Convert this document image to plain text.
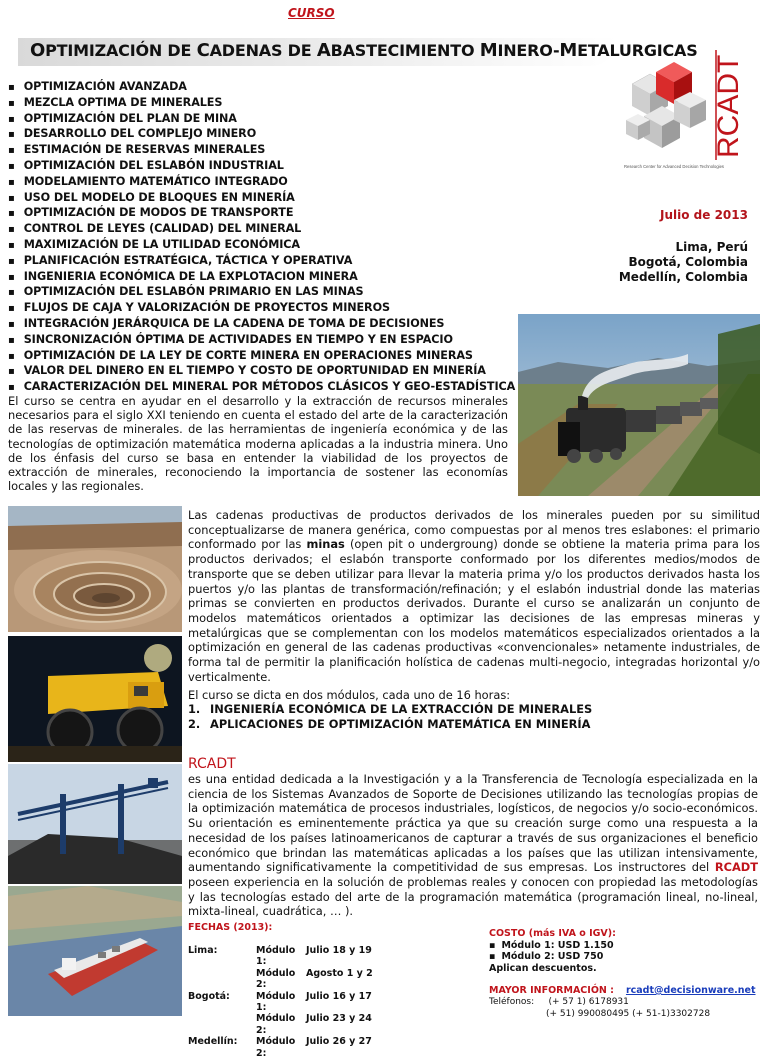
CURSO
OPTIMIZACIÓN DE CADENAS DE ABASTECIMIENTO MINERO-METALURGICAS
RCADT
Research Center for Advanced Decision Technologies
▪ OPTIMIZACIÓN AVANZADA
▪ MEZCLA OPTIMA DE MINERALES
▪ OPTIMIZACIÓN DEL PLAN DE MINA
▪ DESARROLLO DEL COMPLEJO MINERO
▪ ESTIMACIÓN DE RESERVAS MINERALES
▪ OPTIMIZACIÓN DEL ESLABÓN INDUSTRIAL
▪ MODELAMIENTO MATEMÁTICO INTEGRADO
▪ USO DEL MODELO DE BLOQUES EN MINERÍA
▪ OPTIMIZACIÓN DE MODOS DE TRANSPORTE
▪ CONTROL DE LEYES (CALIDAD) DEL MINERAL
▪ MAXIMIZACIÓN DE LA UTILIDAD ECONÓMICA
▪ PLANIFICACIÓN ESTRATÉGICA, TÁCTICA Y OPERATIVA
▪ INGENIERIA ECONÓMICA DE LA EXPLOTACION MINERA
▪ OPTIMIZACIÓN DEL ESLABÓN PRIMARIO EN LAS MINAS
▪ FLUJOS DE CAJA Y VALORIZACIÓN DE PROYECTOS MINEROS
▪ INTEGRACIÓN JERÁRQUICA DE LA CADENA DE TOMA DE DECISIONES
▪ SINCRONIZACIÓN ÓPTIMA DE ACTIVIDADES EN TIEMPO Y EN ESPACIO
▪ OPTIMIZACIÓN DE LA LEY DE CORTE MINERA EN OPERACIONES MINERAS
▪ VALOR DEL DINERO EN EL TIEMPO Y COSTO DE OPORTUNIDAD EN MINERÍA
▪ CARACTERIZACIÓN DEL MINERAL POR MÉTODOS CLÁSICOS Y GEO-ESTADÍSTICA
Julio de 2013
Lima, Perú
Bogotá, Colombia
Medellín, Colombia
El curso se centra en ayudar en el desarrollo y la extracción de recursos minerales necesarios para el siglo XXI teniendo en cuenta el estado del arte de la caracterización de las reservas de minerales. de las herramientas de ingeniería económica y de las tecnologías de optimización matemática moderna aplicadas a la industria minera. Uno de los énfasis del curso se basa en entender la viabilidad de los proyectos de extracción de minerales, reconociendo la importancia de sostener las economías locales y las regionales.
Las cadenas productivas de productos derivados de los minerales pueden por su similitud conceptualizarse de manera genérica, como compuestas por al menos tres eslabones: el primario conformado por las minas (open pit o undergroung) donde se obtiene la materia prima para los productos derivados; el eslabón transporte conformado por los diferentes medios/modos de transporte que se deben utilizar para llevar la materia prima y/o los productos derivados hasta los puertos y/o las plantas de transformación/refinación; y el eslabón industrial donde las materias primas se convierten en productos derivados. Durante el curso se analizarán un conjunto de modelos matemáticos orientados a optimizar las decisiones de las empresas mineras y metalúrgicas que se complementan con los modelos matemáticos especializados orientados a la optimización en general de las cadenas productivas «convencionales» netamente industriales, de forma tal de permitir la planificación holística de cadenas multi-negocio, integradas horizontal y/o verticalmente.
El curso se dicta en dos módulos, cada uno de 16 horas:
1. INGENIERÍA ECONÓMICA DE LA EXTRACCIÓN DE MINERALES
2. APLICACIONES DE OPTIMIZACIÓN MATEMÁTICA EN MINERÍA
RCADT
es una entidad dedicada a la Investigación y a la Transferencia de Tecnología especializada en la ciencia de los Sistemas Avanzados de Soporte de Decisiones utilizando las tecnologías propias de la optimización matemática de procesos industriales, logísticos, de negocios y/o socio-económicos. Su orientación es eminentemente práctica ya que su creación surge como una respuesta a la necesidad de los países latinoamericanos de capturar a través de sus organizaciones el beneficio económico que brindan las matemáticas aplicadas a los países que las utilizan intensivamente, aumentando significativamente la competitividad de sus empresas. Los instructores del RCADT poseen experiencia en la solución de problemas reales y conocen con propiedad las metodologías y las tecnologías estado del arte de la programación matemática (programación lineal, no-lineal, mixta-lineal, cuadrática, … ).
FECHAS (2013):
Lima:	Módulo 1:	Julio 18 y 19
	Módulo 2:	Agosto 1 y 2
Bogotá:	Módulo 1:	Julio 16 y 17
	Módulo 2:	Julio 23 y 24
Medellín:	Módulo 2:	Julio 26 y 27
COSTO (más IVA o IGV):
▪ Módulo 1: USD 1.150
▪ Módulo 2: USD 750
Aplican descuentos.
MAYOR INFORMACIÓN : rcadt@decisionware.net
Teléfonos: (+ 57 1) 6178931
(+ 51) 990080495 (+ 51-1)3302728
